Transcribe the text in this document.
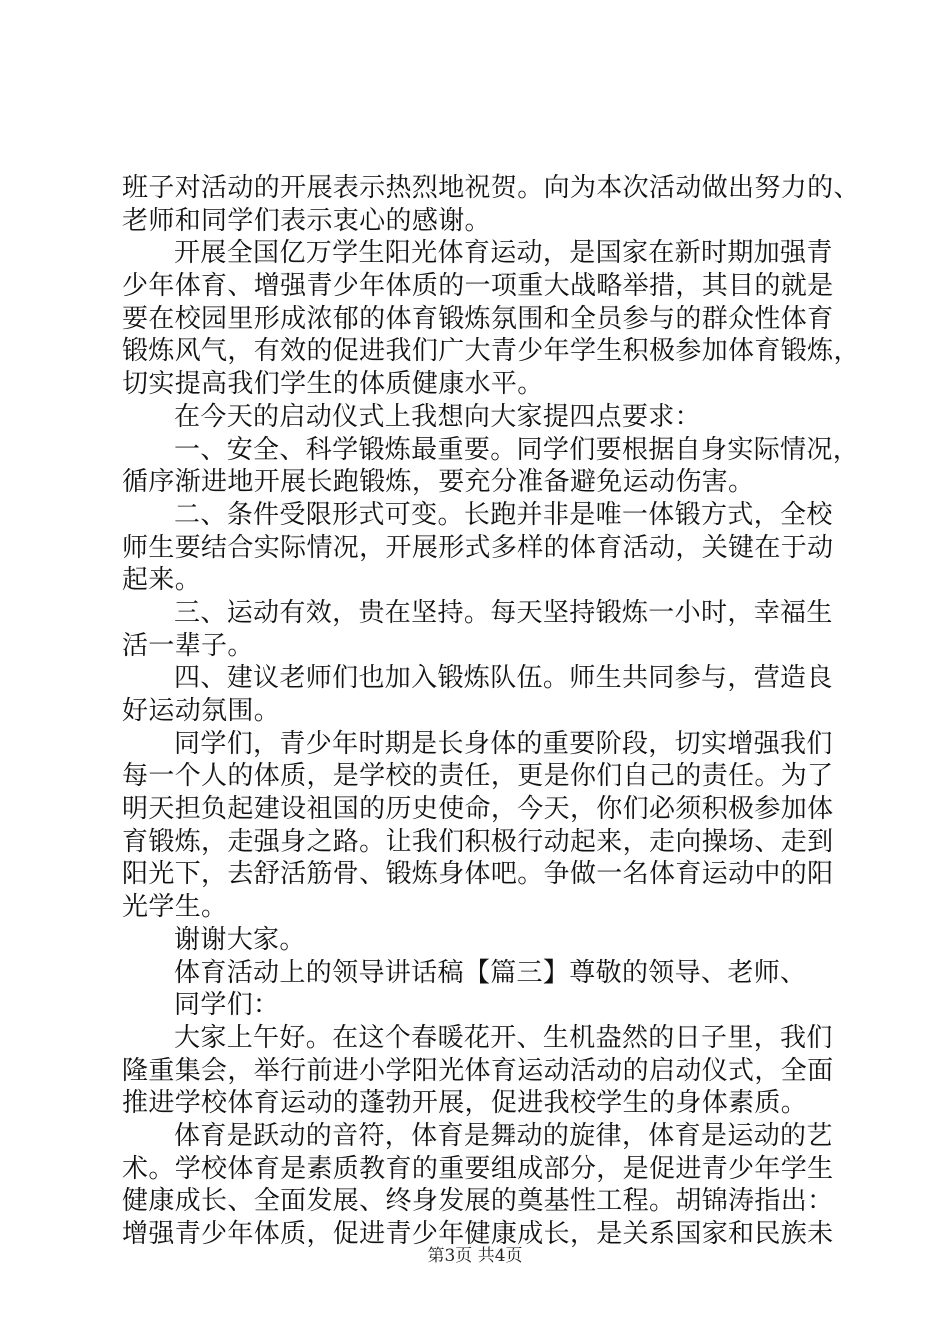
班子对活动的开展表示热烈地祝贺。向为本次活动做出努力的、
老师和同学们表示衷心的感谢。
开展全国亿万学生阳光体育运动，是国家在新时期加强青
少年体育、增强青少年体质的一项重大战略举措，其目的就是
要在校园里形成浓郁的体育锻炼氛围和全员参与的群众性体育
锻炼风气，有效的促进我们广大青少年学生积极参加体育锻炼，
切实提高我们学生的体质健康水平。
在今天的启动仪式上我想向大家提四点要求：
一、安全、科学锻炼最重要。同学们要根据自身实际情况，
循序渐进地开展长跑锻炼，要充分准备避免运动伤害。
二、条件受限形式可变。长跑并非是唯一体锻方式，全校
师生要结合实际情况，开展形式多样的体育活动，关键在于动
起来。
三、运动有效，贵在坚持。每天坚持锻炼一小时，幸福生
活一辈子。
四、建议老师们也加入锻炼队伍。师生共同参与，营造良
好运动氛围。
同学们，青少年时期是长身体的重要阶段，切实增强我们
每一个人的体质，是学校的责任，更是你们自己的责任。为了
明天担负起建设祖国的历史使命，今天，你们必须积极参加体
育锻炼，走强身之路。让我们积极行动起来，走向操场、走到
阳光下，去舒活筋骨、锻炼身体吧。争做一名体育运动中的阳
光学生。
谢谢大家。
体育活动上的领导讲话稿【篇三】尊敬的领导、老师、
同学们：
大家上午好。在这个春暖花开、生机盎然的日子里，我们
隆重集会，举行前进小学阳光体育运动活动的启动仪式，全面
推进学校体育运动的蓬勃开展，促进我校学生的身体素质。
体育是跃动的音符，体育是舞动的旋律，体育是运动的艺
术。学校体育是素质教育的重要组成部分，是促进青少年学生
健康成长、全面发展、终身发展的奠基性工程。胡锦涛指出：
增强青少年体质，促进青少年健康成长，是关系国家和民族未
第3页 共4页
